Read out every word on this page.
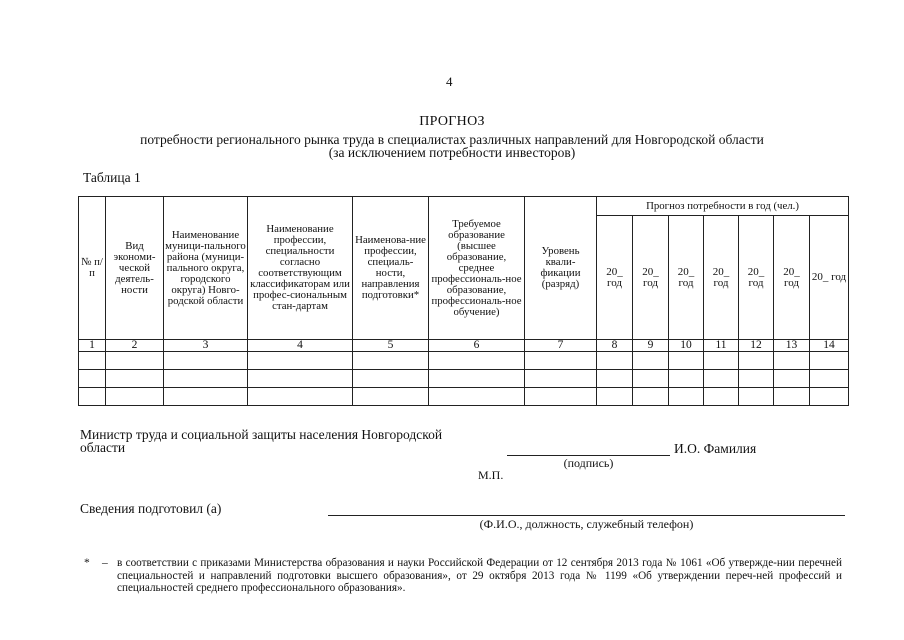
4
ПРОГНОЗ
потребности регионального рынка труда в специалистах различных направлений для Новгородской области
(за исключением потребности инвесторов)
Таблица 1
№ п/п	Вид экономи-ческой деятель-ности	Наименование муници-пального района (муници-пального округа, городского округа) Новго-родской области	Наименование профессии, специальности согласно соответствующим классификаторам или профес-сиональным стан-дартам	Наименова-ние профессии, специаль-ности, направления подготовки*	Требуемое образование (высшее образование, среднее профессиональ-ное образование, профессиональ-ное обучение)	Уровень квали-фикации (разряд)	Прогноз потребности в год (чел.)						
							20_ год	20_ год	20_ год	20_ год	20_ год	20_ год	20_ год
1	2	3	4	5	6	7	8	9	10	11	12	13	14

Министр труда и социальной защиты населения Новгородской области
(подпись)
И.О. Фамилия
М.П.
Сведения подготовил (а)
(Ф.И.О., должность, служебный телефон)
* – в соответствии с приказами Министерства образования и науки Российской Федерации от 12 сентября 2013 года № 1061 «Об утвержде-нии перечней специальностей и направлений подготовки высшего образования», от 29 октября 2013 года № 1199 «Об утверждении переч-ней профессий и специальностей среднего профессионального образования».
